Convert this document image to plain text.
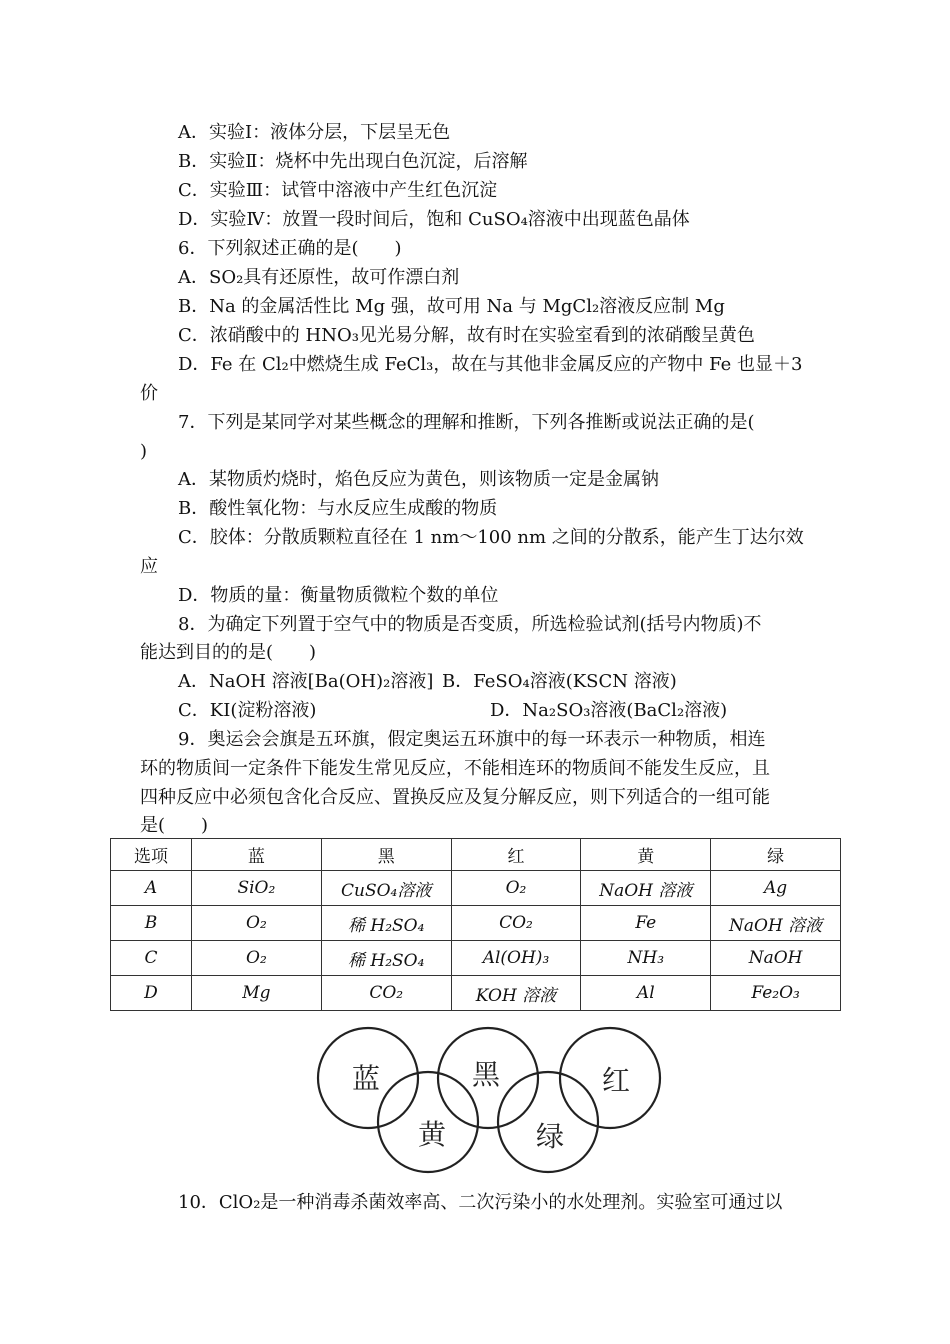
A．实验Ⅰ：液体分层，下层呈无色
B．实验Ⅱ：烧杯中先出现白色沉淀，后溶解
C．实验Ⅲ：试管中溶液中产生红色沉淀
D．实验Ⅳ：放置一段时间后，饱和 CuSO₄溶液中出现蓝色晶体
6．下列叙述正确的是(　　)
A．SO₂具有还原性，故可作漂白剂
B．Na 的金属活性比 Mg 强，故可用 Na 与 MgCl₂溶液反应制 Mg
C．浓硝酸中的 HNO₃见光易分解，故有时在实验室看到的浓硝酸呈黄色
D．Fe 在 Cl₂中燃烧生成 FeCl₃，故在与其他非金属反应的产物中 Fe 也显＋3
价
7．下列是某同学对某些概念的理解和推断，下列各推断或说法正确的是(
)
A．某物质灼烧时，焰色反应为黄色，则该物质一定是金属钠
B．酸性氧化物：与水反应生成酸的物质
C．胶体：分散质颗粒直径在 1 nm～100 nm 之间的分散系，能产生丁达尔效
应
D．物质的量：衡量物质微粒个数的单位
8．为确定下列置于空气中的物质是否变质，所选检验试剂(括号内物质)不
能达到目的的是(　　)
A．NaOH 溶液[Ba(OH)₂溶液] B．FeSO₄溶液(KSCN 溶液)
C．KI(淀粉溶液)	D．Na₂SO₃溶液(BaCl₂溶液)
9．奥运会会旗是五环旗，假定奥运五环旗中的每一环表示一种物质，相连
环的物质间一定条件下能发生常见反应，不能相连环的物质间不能发生反应，且
四种反应中必须包含化合反应、置换反应及复分解反应，则下列适合的一组可能
是(　　)
选项	蓝	黑	红	黄	绿
A	SiO₂	CuSO₄溶液	O₂	NaOH 溶液	Ag
B	O₂	稀 H₂SO₄	CO₂	Fe	NaOH 溶液
C	O₂	稀 H₂SO₄	Al(OH)₃	NH₃	NaOH
D	Mg	CO₂	KOH 溶液	Al	Fe₂O₃
蓝	黑	红
黄	绿
10．ClO₂是一种消毒杀菌效率高、二次污染小的水处理剂。实验室可通过以
